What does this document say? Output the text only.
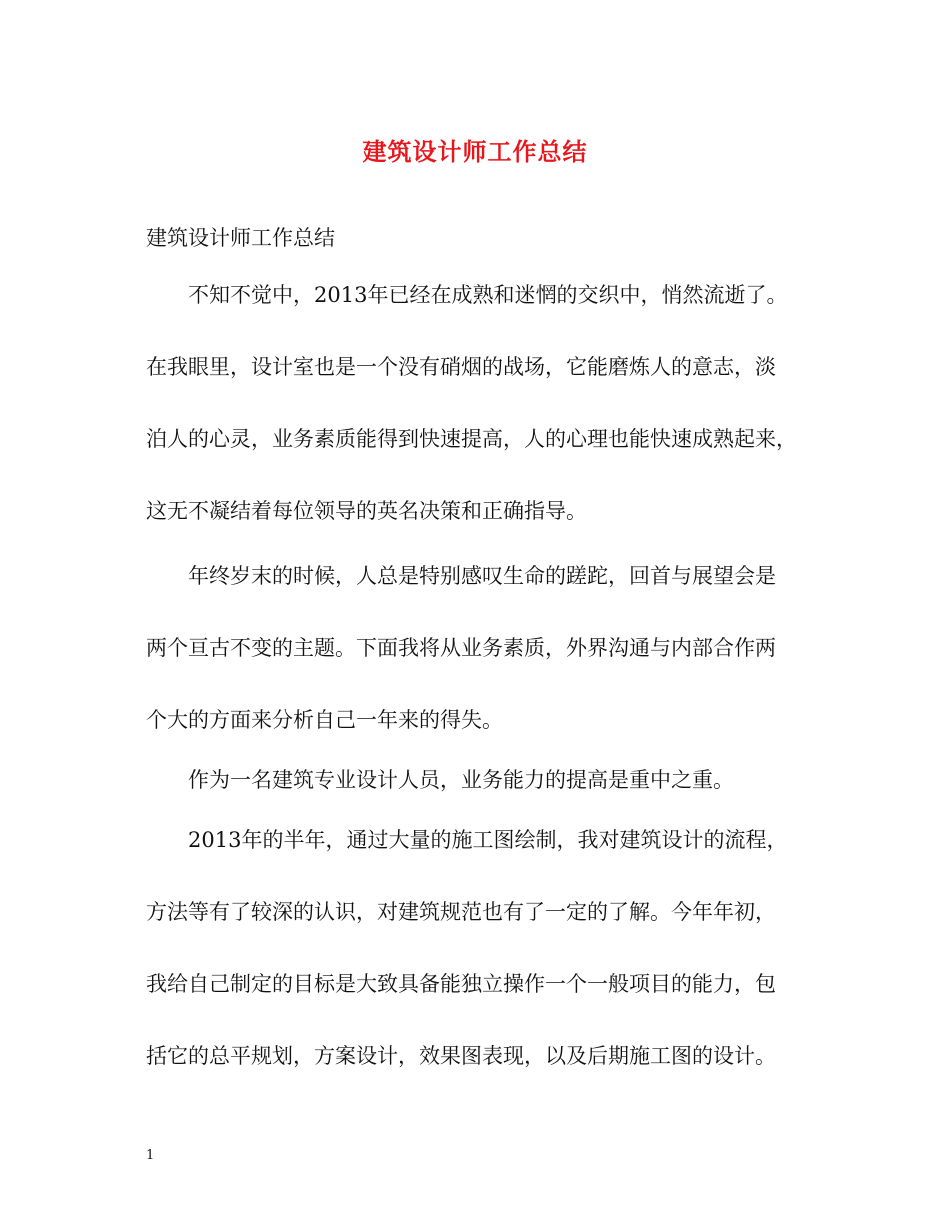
建筑设计师工作总结
建筑设计师工作总结
不知不觉中，2013年已经在成熟和迷惘的交织中，悄然流逝了。
在我眼里，设计室也是一个没有硝烟的战场，它能磨炼人的意志，淡
泊人的心灵，业务素质能得到快速提高，人的心理也能快速成熟起来，
这无不凝结着每位领导的英名决策和正确指导。
年终岁末的时候，人总是特别感叹生命的蹉跎，回首与展望会是
两个亘古不变的主题。下面我将从业务素质，外界沟通与内部合作两
个大的方面来分析自己一年来的得失。
作为一名建筑专业设计人员，业务能力的提高是重中之重。
2013年的半年，通过大量的施工图绘制，我对建筑设计的流程，
方法等有了较深的认识，对建筑规范也有了一定的了解。今年年初，
我给自己制定的目标是大致具备能独立操作一个一般项目的能力，包
括它的总平规划，方案设计，效果图表现，以及后期施工图的设计。
1
